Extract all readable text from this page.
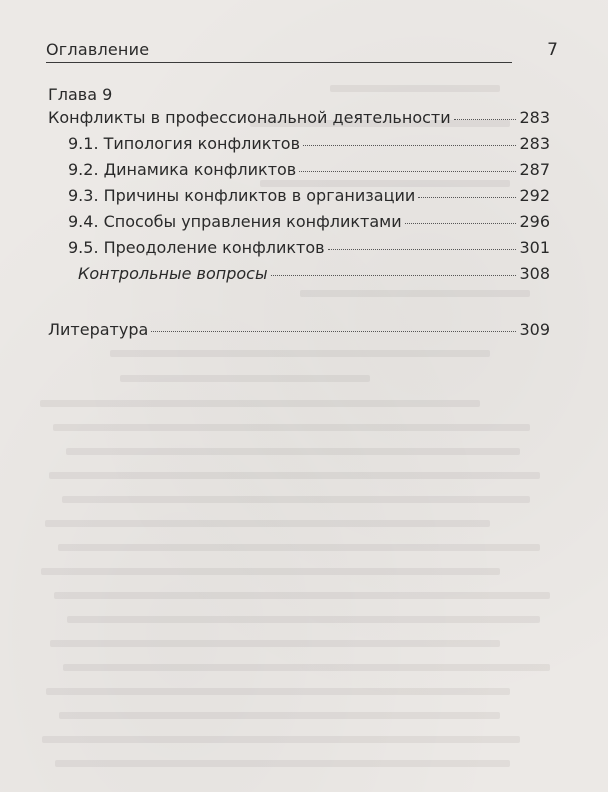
Оглавление	7
Глава 9
Конфликты в профессиональной деятельности	283
9.1. Типология конфликтов	283
9.2. Динамика конфликтов	287
9.3. Причины конфликтов в организации	292
9.4. Способы управления конфликтами	296
9.5. Преодоление конфликтов	301
Контрольные вопросы	308
Литература	309
